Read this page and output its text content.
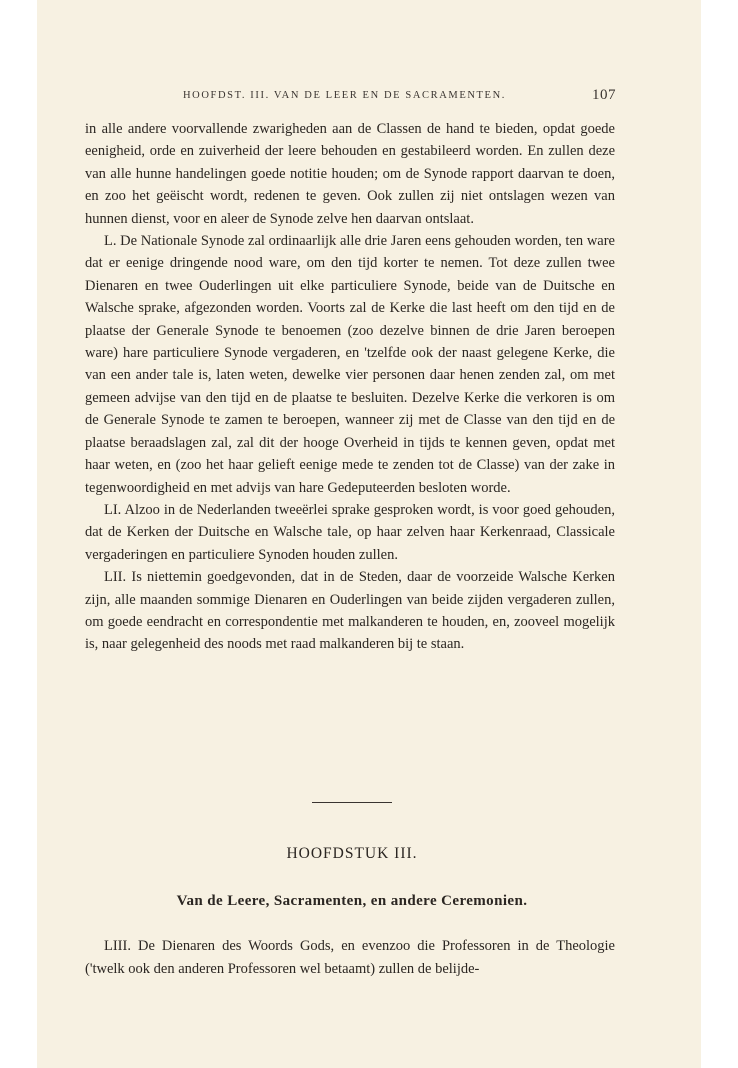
HOOFDST. III. VAN DE LEER EN DE SACRAMENTEN.	107

in alle andere voorvallende zwarigheden aan de Classen de hand te bieden, opdat goede eenigheid, orde en zuiverheid der leere behouden en gestabileerd worden. En zullen deze van alle hunne handelingen goede notitie houden; om de Synode rapport daarvan te doen, en zoo het geëischt wordt, redenen te geven. Ook zullen zij niet ontslagen wezen van hunnen dienst, voor en aleer de Synode zelve hen daarvan ontslaat.

L. De Nationale Synode zal ordinaarlijk alle drie Jaren eens gehouden worden, ten ware dat er eenige dringende nood ware, om den tijd korter te nemen. Tot deze zullen twee Dienaren en twee Ouderlingen uit elke particuliere Synode, beide van de Duitsche en Walsche sprake, afgezonden worden. Voorts zal de Kerke die last heeft om den tijd en de plaatse der Generale Synode te benoemen (zoo dezelve binnen de drie Jaren beroepen ware) hare particuliere Synode vergaderen, en 'tzelfde ook der naast gelegene Kerke, die van een ander tale is, laten weten, dewelke vier personen daar henen zenden zal, om met gemeen advijse van den tijd en de plaatse te besluiten. Dezelve Kerke die verkoren is om de Generale Synode te zamen te beroepen, wanneer zij met de Classe van den tijd en de plaatse beraadslagen zal, zal dit der hooge Overheid in tijds te kennen geven, opdat met haar weten, en (zoo het haar gelieft eenige mede te zenden tot de Classe) van der zake in tegenwoordigheid en met advijs van hare Gedeputeerden besloten worde.

LI. Alzoo in de Nederlanden tweeërlei sprake gesproken wordt, is voor goed gehouden, dat de Kerken der Duitsche en Walsche tale, op haar zelven haar Kerkenraad, Classicale vergaderingen en particuliere Synoden houden zullen.

LII. Is niettemin goedgevonden, dat in de Steden, daar de voorzeide Walsche Kerken zijn, alle maanden sommige Dienaren en Ouderlingen van beide zijden vergaderen zullen, om goede eendracht en correspondentie met malkanderen te houden, en, zooveel mogelijk is, naar gelegenheid des noods met raad malkanderen bij te staan.

HOOFDSTUK III.
Van de Leere, Sacramenten, en andere Ceremonien.

LIII. De Dienaren des Woords Gods, en evenzoo die Professoren in de Theologie ('twelk ook den anderen Professoren wel betaamt) zullen de belijde-
